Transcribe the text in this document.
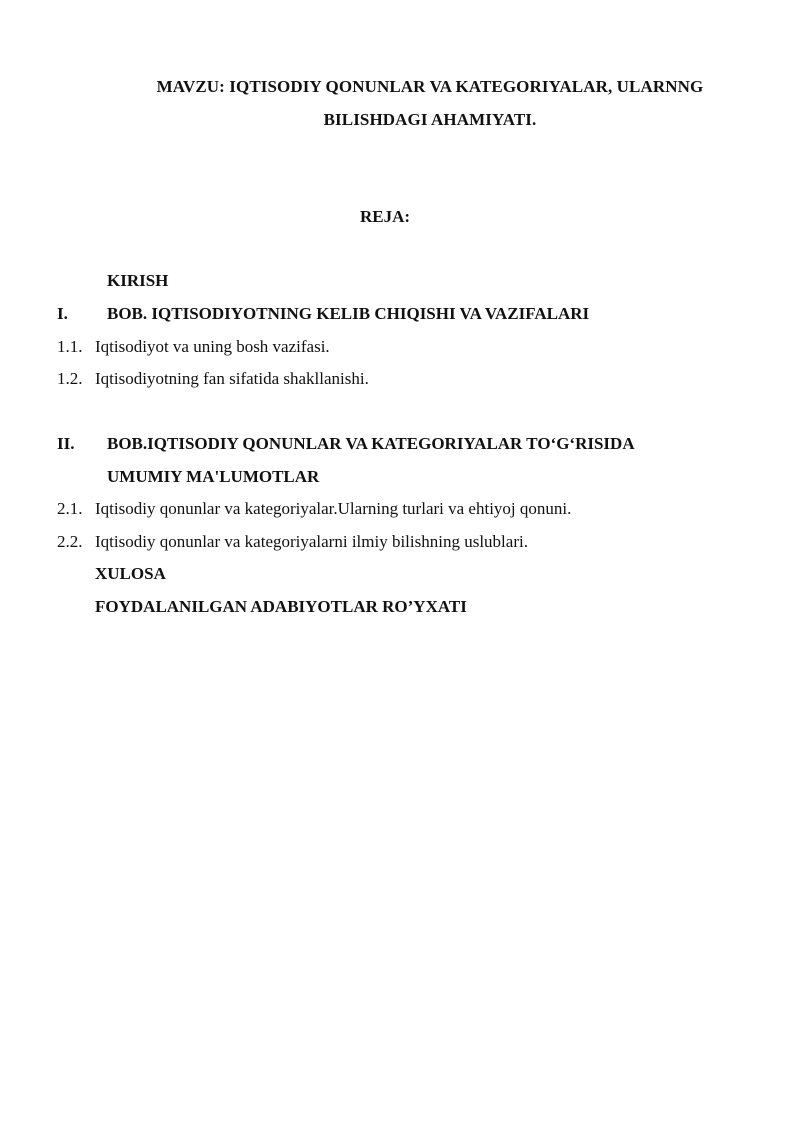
MAVZU: IQTISODIY QONUNLAR VA KATEGORIYALAR, ULARNNG
BILISHDAGI AHAMIYATI.
REJA:
KIRISH
I. BOB. IQTISODIYOTNING KELIB CHIQISHI VA VAZIFALARI
1.1. Iqtisodiyot va uning bosh vazifasi.
1.2. Iqtisodiyotning fan sifatida shakllanishi.
II. BOB.IQTISODIY QONUNLAR VA KATEGORIYALAR TO‘G‘RISIDA
UMUMIY MA'LUMOTLAR
2.1. Iqtisodiy qonunlar va kategoriyalar.Ularning turlari va ehtiyoj qonuni.
2.2. Iqtisodiy qonunlar va kategoriyalarni ilmiy bilishning uslublari.
XULOSA
FOYDALANILGAN ADABIYOTLAR RO’YXATI
